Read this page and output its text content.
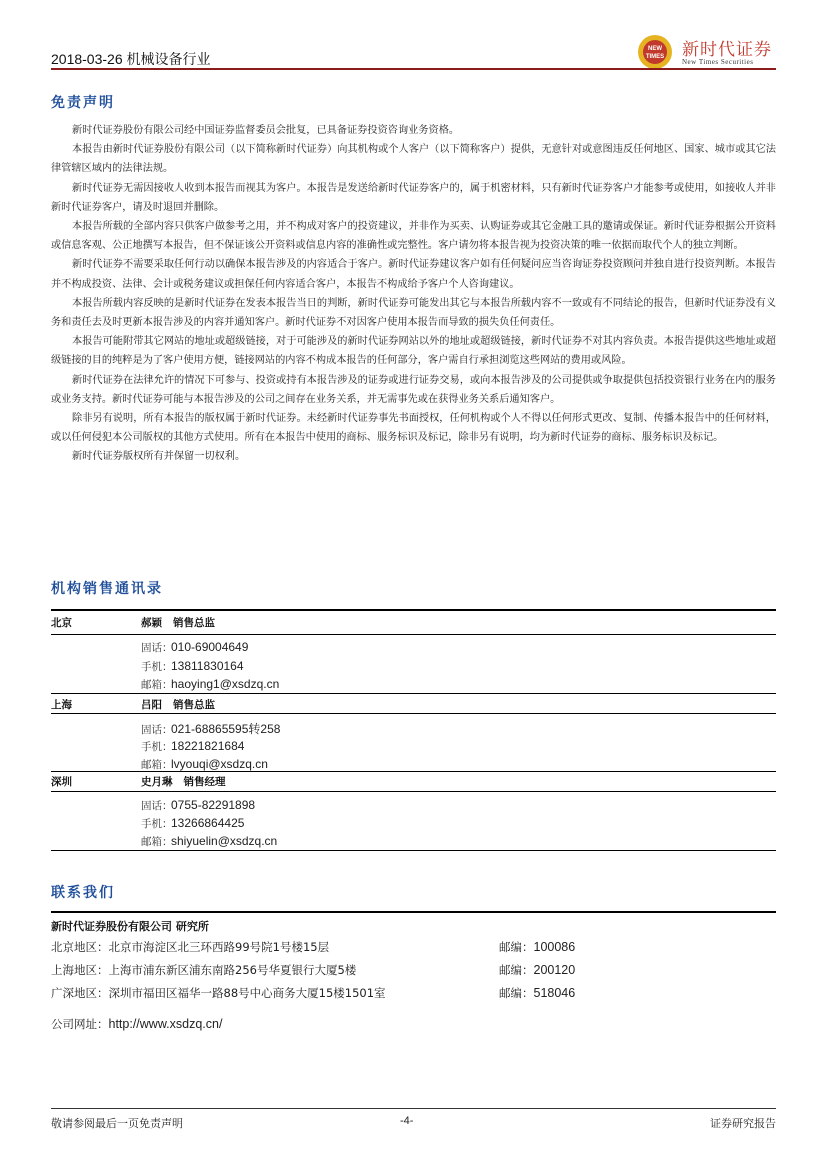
2018-03-26 机械设备行业
NEW
TIMES 新时代证券
New Times Securities
免责声明
新时代证券股份有限公司经中国证券监督委员会批复，已具备证券投资咨询业务资格。
本报告由新时代证券股份有限公司（以下简称新时代证券）向其机构或个人客户（以下简称客户）提供，无意针对或意图违反任何地区、国家、城市或其它法律管辖区域内的法律法规。
新时代证券无需因接收人收到本报告而视其为客户。本报告是发送给新时代证券客户的，属于机密材料，只有新时代证券客户才能参考或使用，如接收人并非新时代证券客户，请及时退回并删除。
本报告所载的全部内容只供客户做参考之用，并不构成对客户的投资建议，并非作为买卖、认购证券或其它金融工具的邀请或保证。新时代证券根据公开资料或信息客观、公正地撰写本报告，但不保证该公开资料或信息内容的准确性或完整性。客户请勿将本报告视为投资决策的唯一依据而取代个人的独立判断。
新时代证券不需要采取任何行动以确保本报告涉及的内容适合于客户。新时代证券建议客户如有任何疑问应当咨询证券投资顾问并独自进行投资判断。本报告并不构成投资、法律、会计或税务建议或担保任何内容适合客户，本报告不构成给予客户个人咨询建议。
本报告所载内容反映的是新时代证券在发表本报告当日的判断，新时代证券可能发出其它与本报告所载内容不一致或有不同结论的报告，但新时代证券没有义务和责任去及时更新本报告涉及的内容并通知客户。新时代证券不对因客户使用本报告而导致的损失负任何责任。
本报告可能附带其它网站的地址或超级链接，对于可能涉及的新时代证券网站以外的地址或超级链接，新时代证券不对其内容负责。本报告提供这些地址或超级链接的目的纯粹是为了客户使用方便，链接网站的内容不构成本报告的任何部分，客户需自行承担浏览这些网站的费用或风险。
新时代证券在法律允许的情况下可参与、投资或持有本报告涉及的证券或进行证券交易，或向本报告涉及的公司提供或争取提供包括投资银行业务在内的服务或业务支持。新时代证券可能与本报告涉及的公司之间存在业务关系，并无需事先或在获得业务关系后通知客户。
除非另有说明，所有本报告的版权属于新时代证券。未经新时代证券事先书面授权，任何机构或个人不得以任何形式更改、复制、传播本报告中的任何材料，或以任何侵犯本公司版权的其他方式使用。所有在本报告中使用的商标、服务标识及标记，除非另有说明，均为新时代证券的商标、服务标识及标记。
新时代证券版权所有并保留一切权利。
机构销售通讯录
北京	郝颖 销售总监
固话：010-69004649
手机：13811830164
邮箱：haoying1@xsdzq.cn
上海	吕阳 销售总监
固话：021-68865595转258
手机：18221821684
邮箱：lvyouqi@xsdzq.cn
深圳	史月琳 销售经理
固话：0755-82291898
手机：13266864425
邮箱：shiyuelin@xsdzq.cn
联系我们
新时代证券股份有限公司 研究所
北京地区：北京市海淀区北三环西路99号院1号楼15层	邮编：100086
上海地区：上海市浦东新区浦东南路256号华夏银行大厦5楼	邮编：200120
广深地区：深圳市福田区福华一路88号中心商务大厦15楼1501室	邮编：518046
公司网址：http://www.xsdzq.cn/
敬请参阅最后一页免责声明	-4-	证券研究报告
